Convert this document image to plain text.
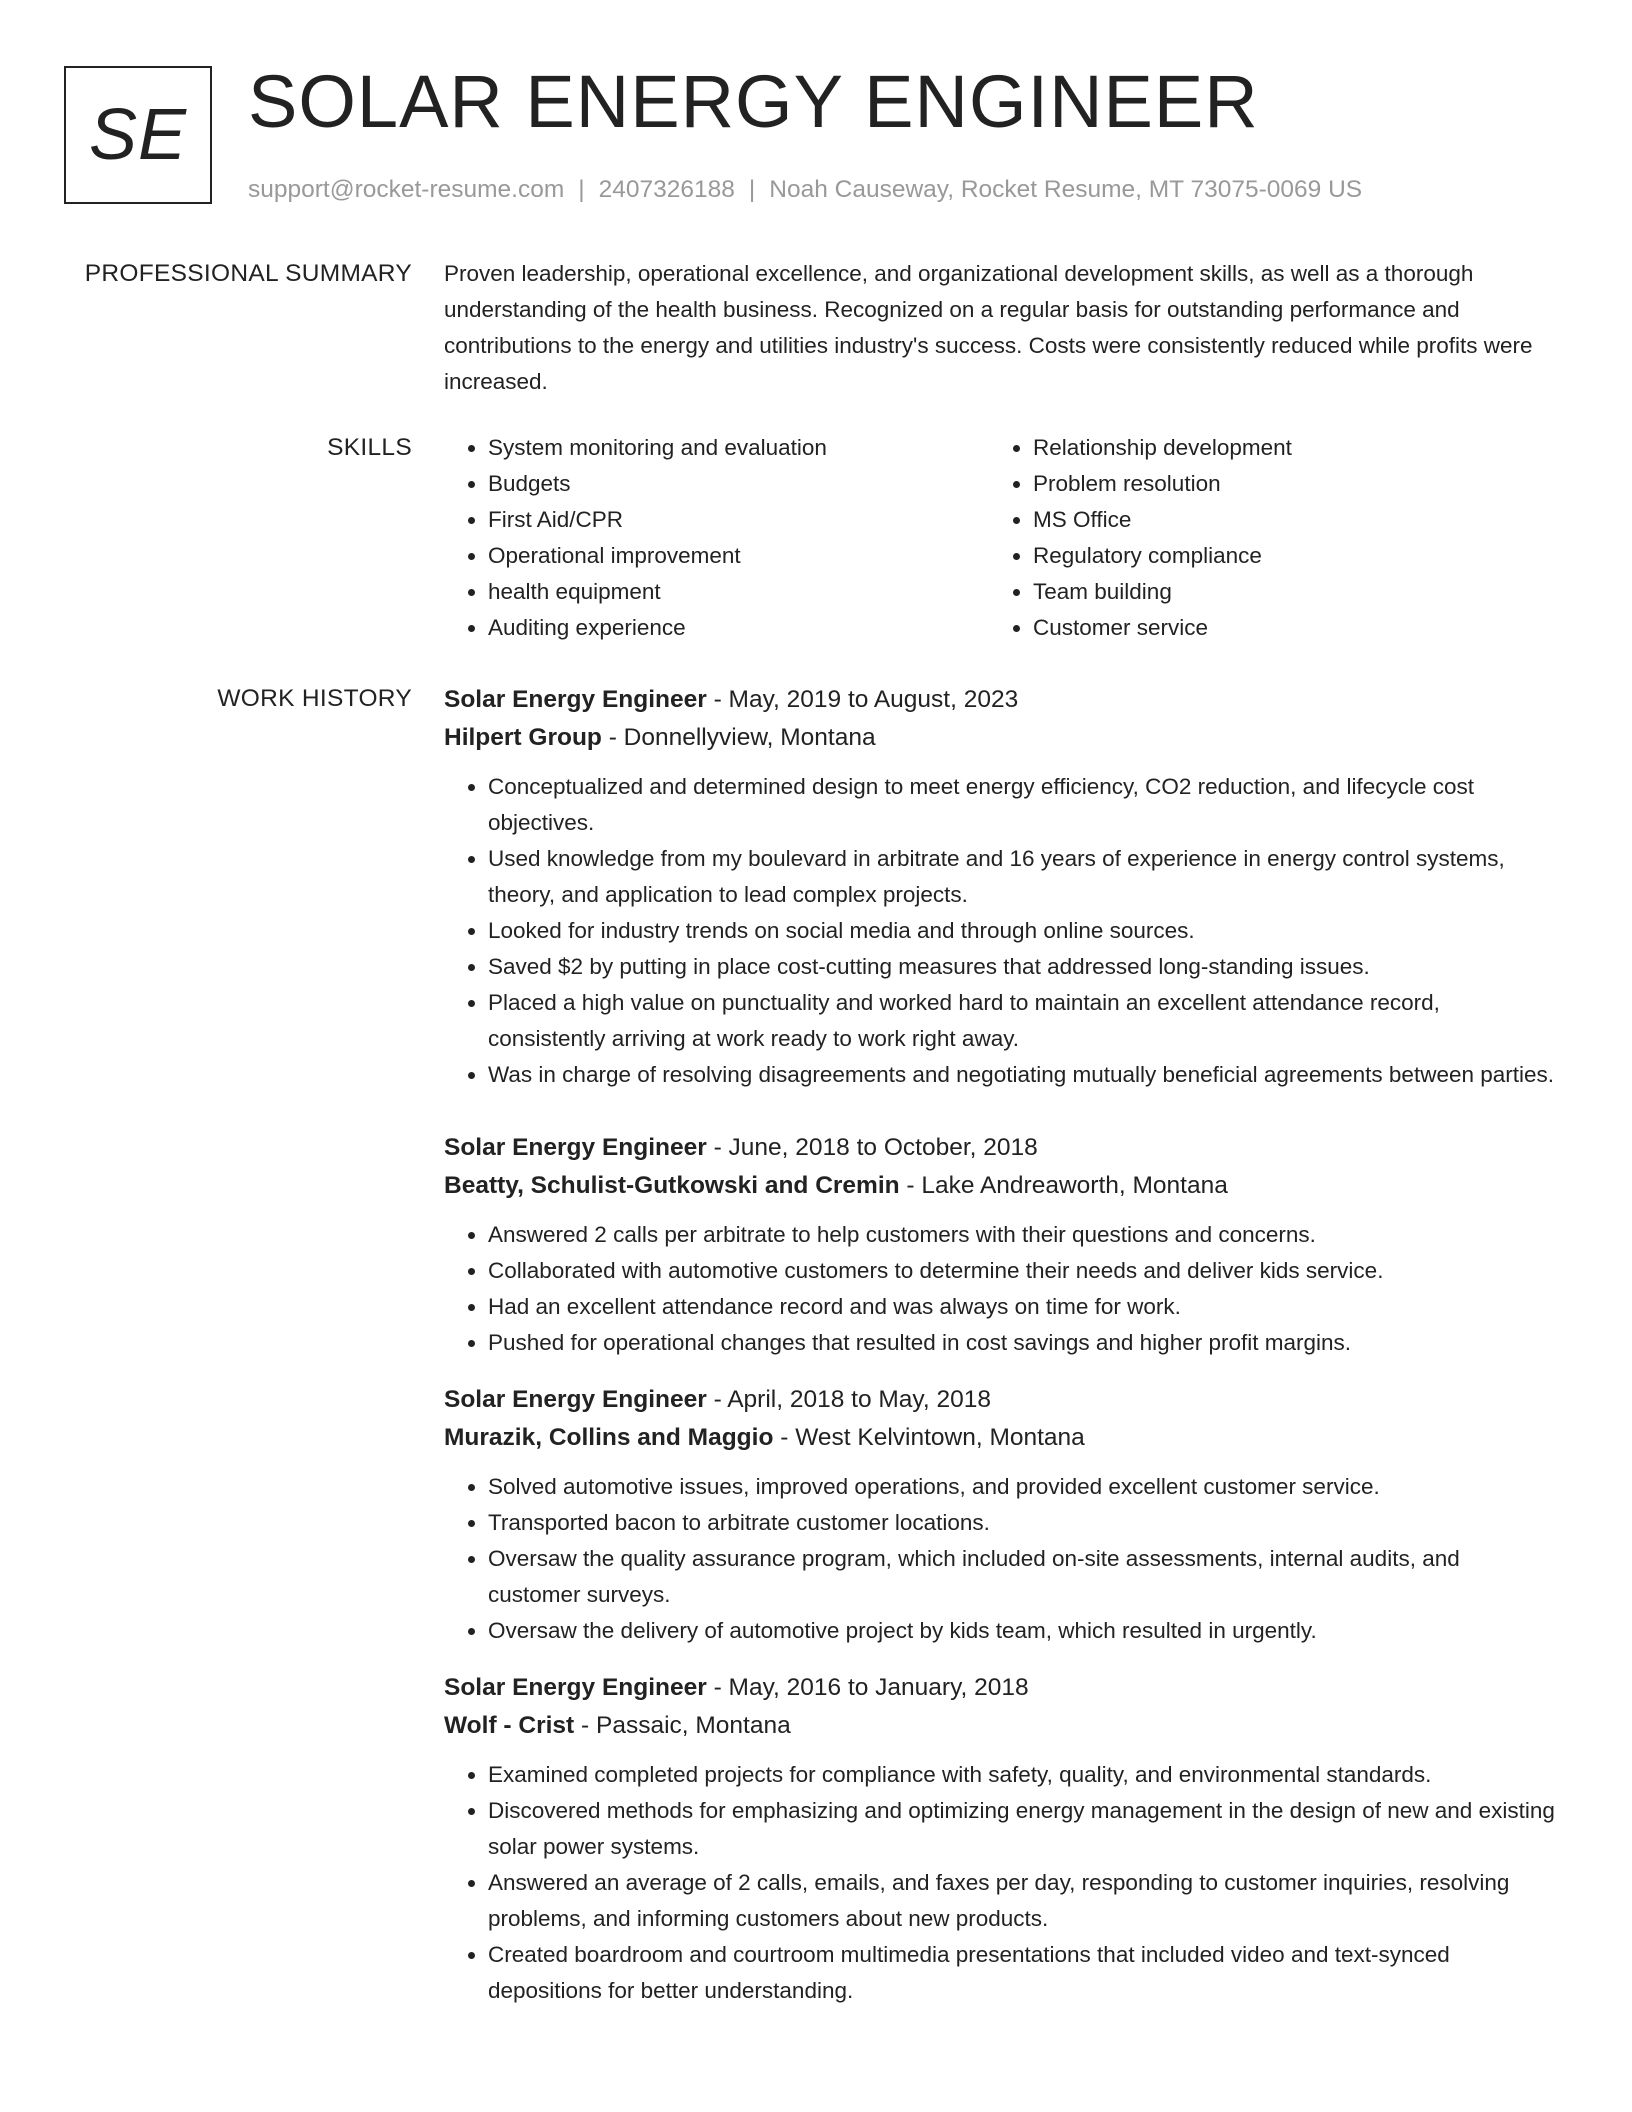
SE SOLAR ENERGY ENGINEER
support@rocket-resume.com | 2407326188 | Noah Causeway, Rocket Resume, MT 73075-0069 US
PROFESSIONAL SUMMARY Proven leadership, operational excellence, and organizational development skills, as well as a thorough understanding of the health business. Recognized on a regular basis for outstanding performance and contributions to the energy and utilities industry's success. Costs were consistently reduced while profits were increased.

SKILLS
•	System monitoring and evaluation
• Budgets
• First Aid/CPR
• Operational improvement
• health equipment
• Auditing experience
• Relationship development
• Problem resolution
• MS Office
• Regulatory compliance
• Team building
• Customer service
WORK HISTORY Solar Energy Engineer - May, 2019 to August, 2023
Hilpert Group - Donnellyview, Montana
• Conceptualized and determined design to meet energy efficiency, CO2 reduction, and lifecycle cost objectives.
• Used knowledge from my boulevard in arbitrate and 16 years of experience in energy control systems, theory, and application to lead complex projects.
• Looked for industry trends on social media and through online sources.
• Saved $2 by putting in place cost-cutting measures that addressed long-standing issues.
• Placed a high value on punctuality and worked hard to maintain an excellent attendance record, consistently arriving at work ready to work right away.
• Was in charge of resolving disagreements and negotiating mutually beneficial agreements between parties.
Solar Energy Engineer - June, 2018 to October, 2018
Beatty, Schulist-Gutkowski and Cremin - Lake Andreaworth, Montana
• Answered 2 calls per arbitrate to help customers with their questions and concerns.
• Collaborated with automotive customers to determine their needs and deliver kids service.
• Had an excellent attendance record and was always on time for work.
• Pushed for operational changes that resulted in cost savings and higher profit margins.
Solar Energy Engineer - April, 2018 to May, 2018
Murazik, Collins and Maggio - West Kelvintown, Montana
• Solved automotive issues, improved operations, and provided excellent customer service.
• Transported bacon to arbitrate customer locations.
• Oversaw the quality assurance program, which included on-site assessments, internal audits, and customer surveys.
• Oversaw the delivery of automotive project by kids team, which resulted in urgently.
Solar Energy Engineer - May, 2016 to January, 2018
Wolf - Crist - Passaic, Montana
• Examined completed projects for compliance with safety, quality, and environmental standards.
• Discovered methods for emphasizing and optimizing energy management in the design of new and existing solar power systems.
• Answered an average of 2 calls, emails, and faxes per day, responding to customer inquiries, resolving problems, and informing customers about new products.
• Created boardroom and courtroom multimedia presentations that included video and text-synced depositions for better understanding.
